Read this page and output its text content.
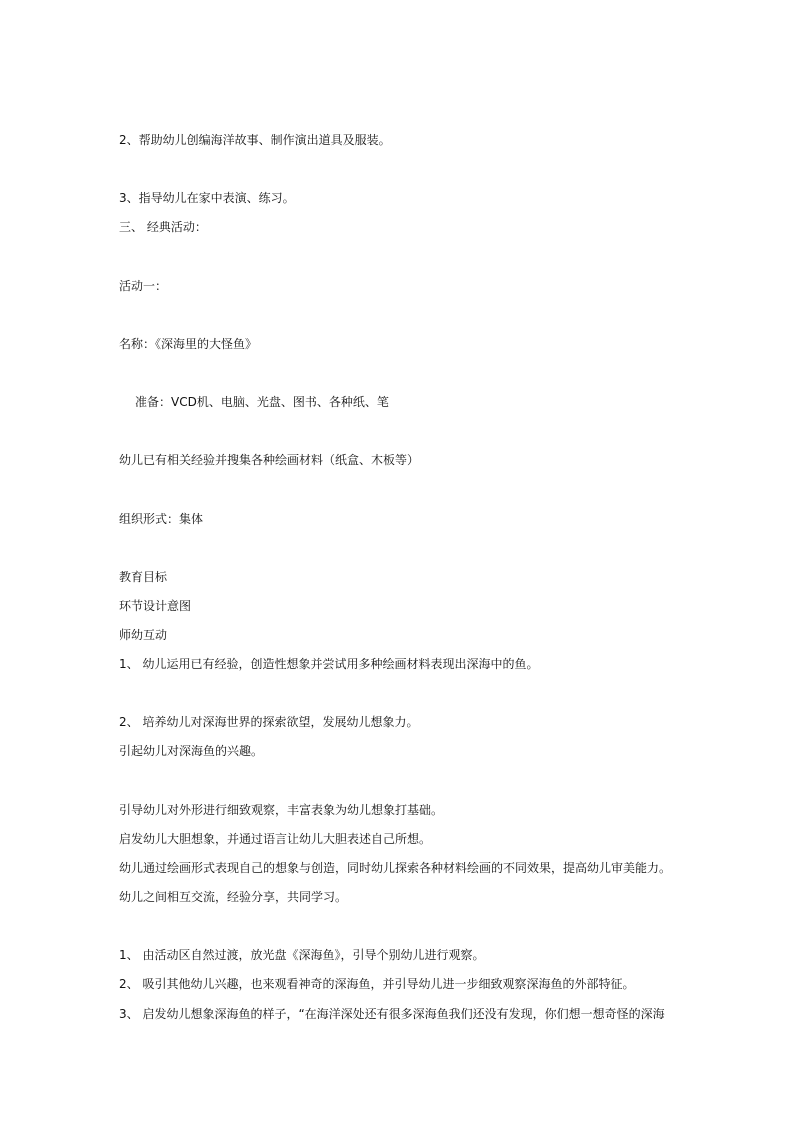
2、帮助幼儿创编海洋故事、制作演出道具及服装。
3、指导幼儿在家中表演、练习。
三、 经典活动：
活动一：
名称：《深海里的大怪鱼》
准备：VCD机、电脑、光盘、图书、各种纸、笔
幼儿已有相关经验并搜集各种绘画材料（纸盒、木板等）
组织形式：集体
教育目标
环节设计意图
师幼互动
1、 幼儿运用已有经验，创造性想象并尝试用多种绘画材料表现出深海中的鱼。
2、 培养幼儿对深海世界的探索欲望，发展幼儿想象力。
引起幼儿对深海鱼的兴趣。
引导幼儿对外形进行细致观察，丰富表象为幼儿想象打基础。
启发幼儿大胆想象，并通过语言让幼儿大胆表述自己所想。
幼儿通过绘画形式表现自己的想象与创造，同时幼儿探索各种材料绘画的不同效果，提高幼儿审美能力。
幼儿之间相互交流，经验分享，共同学习。
1、 由活动区自然过渡，放光盘《深海鱼》，引导个别幼儿进行观察。
2、 吸引其他幼儿兴趣，也来观看神奇的深海鱼，并引导幼儿进一步细致观察深海鱼的外部特征。
3、 启发幼儿想象深海鱼的样子，“在海洋深处还有很多深海鱼我们还没有发现，你们想一想奇怪的深海
